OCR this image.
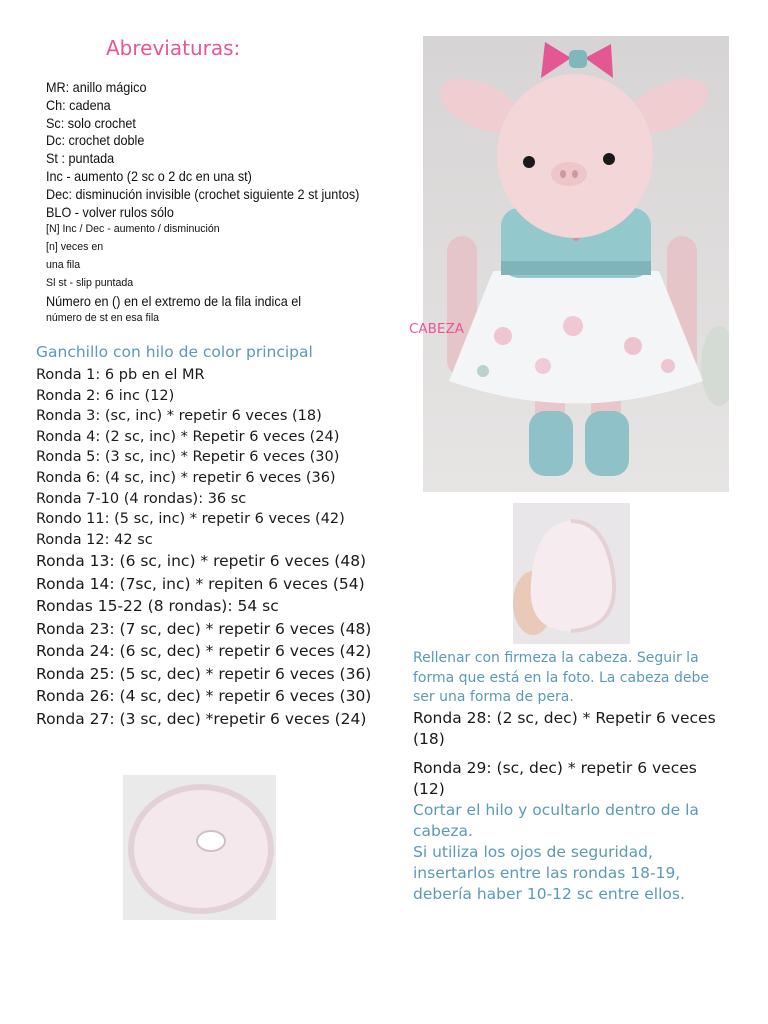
Abreviaturas:
MR: anillo mágico
Ch: cadena
Sc: solo crochet
Dc: crochet doble
St : puntada
Inc - aumento (2 sc o 2 dc en una st)
Dec: disminución invisible (crochet siguiente 2 st juntos)
BLO - volver rulos sólo
[N] Inc / Dec - aumento / disminución
[n] veces en
una fila
Sl st - slip puntada
Número en () en el extremo de la fila indica el
número de st en esa fila
Ganchillo con hilo de color principal
Ronda 1: 6 pb en el MR
Ronda 2: 6 inc (12)
Ronda 3: (sc, inc) * repetir 6 veces (18)
Ronda 4: (2 sc, inc) * Repetir 6 veces (24)
Ronda 5: (3 sc, inc) * Repetir 6 veces (30)
Ronda 6: (4 sc, inc) * repetir 6 veces (36)
Ronda 7-10 (4 rondas): 36 sc
Rondo 11: (5 sc, inc) * repetir 6 veces (42)
Ronda 12: 42 sc
Ronda 13: (6 sc, inc) * repetir 6 veces (48)
Ronda 14: (7sc, inc) * repiten 6 veces (54)
Rondas 15-22 (8 rondas): 54 sc
Ronda 23: (7 sc, dec) * repetir 6 veces (48)
Ronda 24: (6 sc, dec) * repetir 6 veces (42)
Ronda 25: (5 sc, dec) * repetir 6 veces (36)
Ronda 26: (4 sc, dec) * repetir 6 veces (30)
Ronda 27: (3 sc, dec) *repetir 6 veces (24)
CABEZA
Rellenar con firmeza la cabeza. Seguir la forma que está en la foto. La cabeza debe ser una forma de pera.
Ronda 28: (2 sc, dec) * Repetir 6 veces (18)
Ronda 29: (sc, dec) * repetir 6 veces (12)
Cortar el hilo y ocultarlo dentro de la cabeza.
Si utiliza los ojos de seguridad, insertarlos entre las rondas 18-19, debería haber 10-12 sc entre ellos.
